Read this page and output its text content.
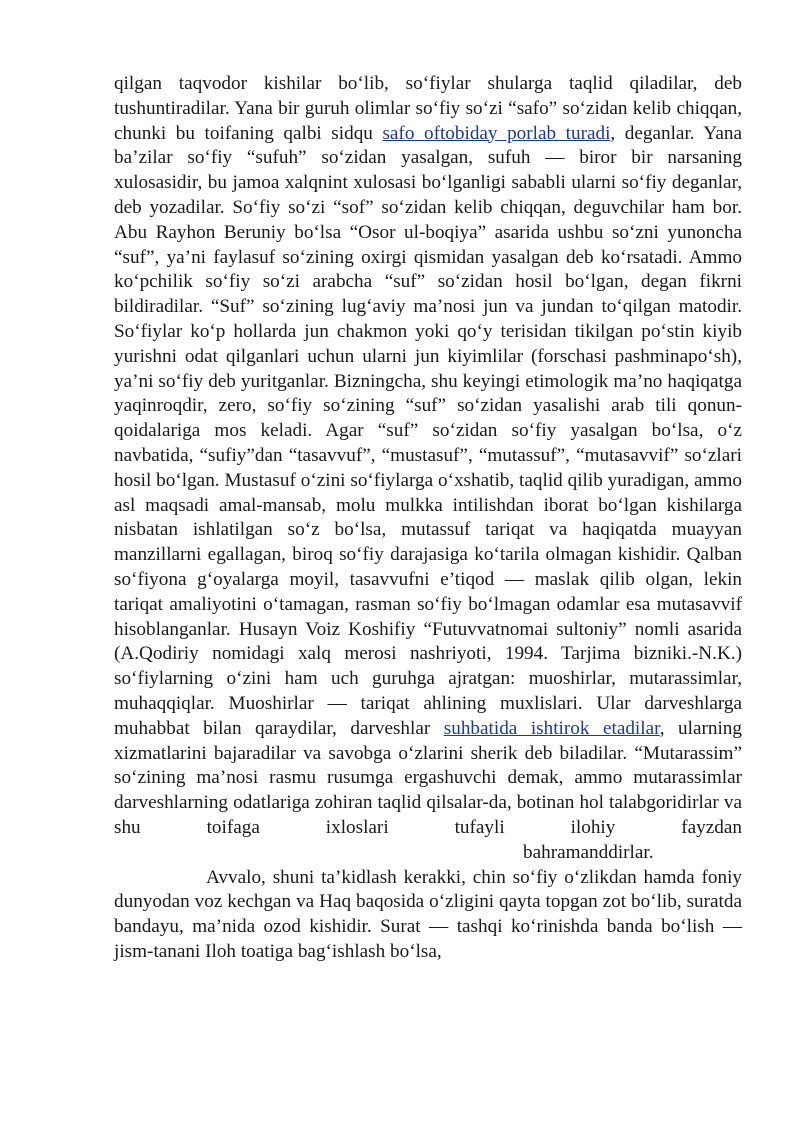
qilgan taqvodor kishilar bo‘lib, so‘fiylar shularga taqlid qiladilar, deb tushuntiradilar. Yana bir guruh olimlar so‘fiy so‘zi “safo” so‘zidan kelib chiqqan, chunki bu toifaning qalbi sidqu safo oftobiday porlab turadi, deganlar. Yana ba’zilar so‘fiy “sufuh” so‘zidan yasalgan, sufuh — biror bir narsaning xulosasidir, bu jamoa xalqnint xulosasi bo‘lganligi sababli ularni so‘fiy deganlar, deb yozadilar. So‘fiy so‘zi “sof” so‘zidan kelib chiqqan, deguvchilar ham bor. Abu Rayhon Beruniy bo‘lsa “Osor ul-boqiya” asarida ushbu so‘zni yunoncha “suf”, ya’ni faylasuf so‘zining oxirgi qismidan yasalgan deb ko‘rsatadi. Ammo ko‘pchilik so‘fiy so‘zi arabcha “suf” so‘zidan hosil bo‘lgan, degan fikrni bildiradilar. “Suf” so‘zining lug‘aviy ma’nosi jun va jundan to‘qilgan matodir. So‘fiylar ko‘p hollarda jun chakmon yoki qo‘y terisidan tikilgan po‘stin kiyib yurishni odat qilganlari uchun ularni jun kiyimlilar (forschasi pashminapo‘sh), ya’ni so‘fiy deb yuritganlar. Bizningcha, shu keyingi etimologik ma’no haqiqatga yaqinroqdir, zero, so‘fiy so‘zining “suf” so‘zidan yasalishi arab tili qonun-qoidalariga mos keladi. Agar “suf” so‘zidan so‘fiy yasalgan bo‘lsa, o‘z navbatida, “sufiy”dan “tasavvuf”, “mustasuf”, “mutassuf”, “mutasavvif” so‘zlari hosil bo‘lgan. Mustasuf o‘zini so‘fiylarga o‘xshatib, taqlid qilib yuradigan, ammo asl maqsadi amal-mansab, molu mulkka intilishdan iborat bo‘lgan kishilarga nisbatan ishlatilgan so‘z bo‘lsa, mutassuf tariqat va haqiqatda muayyan manzillarni egallagan, biroq so‘fiy darajasiga ko‘tarila olmagan kishidir. Qalban so‘fiyona g‘oyalarga moyil, tasavvufni e’tiqod — maslak qilib olgan, lekin tariqat amaliyotini o‘tamagan, rasman so‘fiy bo‘lmagan odamlar esa mutasavvif hisoblanganlar. Husayn Voiz Koshifiy “Futuvvatnomai sultoniy” nomli asarida (A.Qodiriy nomidagi xalq merosi nashriyoti, 1994. Tarjima bizniki.-N.K.) so‘fiylarning o‘zini ham uch guruhga ajratgan: muoshirlar, mutarassimlar, muhaqqiqlar. Muoshirlar — tariqat ahlining muxlislari. Ular darveshlarga muhabbat bilan qaraydilar, darveshlar suhbatida ishtirok etadilar, ularning xizmatlarini bajaradilar va savobga o‘zlarini sherik deb biladilar. “Mutarassim” so‘zining ma’nosi rasmu rusumga ergashuvchi demak, ammo mutarassimlar darveshlarning odatlariga zohiran taqlid qilsalar-da, botinan hol talabgoridirlar va shu toifaga ixloslari tufayli ilohiy	fayzdanbahramanddirlar.

Avvalo, shuni ta’kidlash kerakki, chin so‘fiy o‘zlikdan hamda foniy dunyodan voz kechgan va Haq baqosida o‘zligini qayta topgan zot bo‘lib, suratda bandayu, ma’nida ozod kishidir. Surat — tashqi ko‘rinishda banda bo‘lish — jism-tanani Iloh toatiga bag‘ishlash bo‘lsa,
